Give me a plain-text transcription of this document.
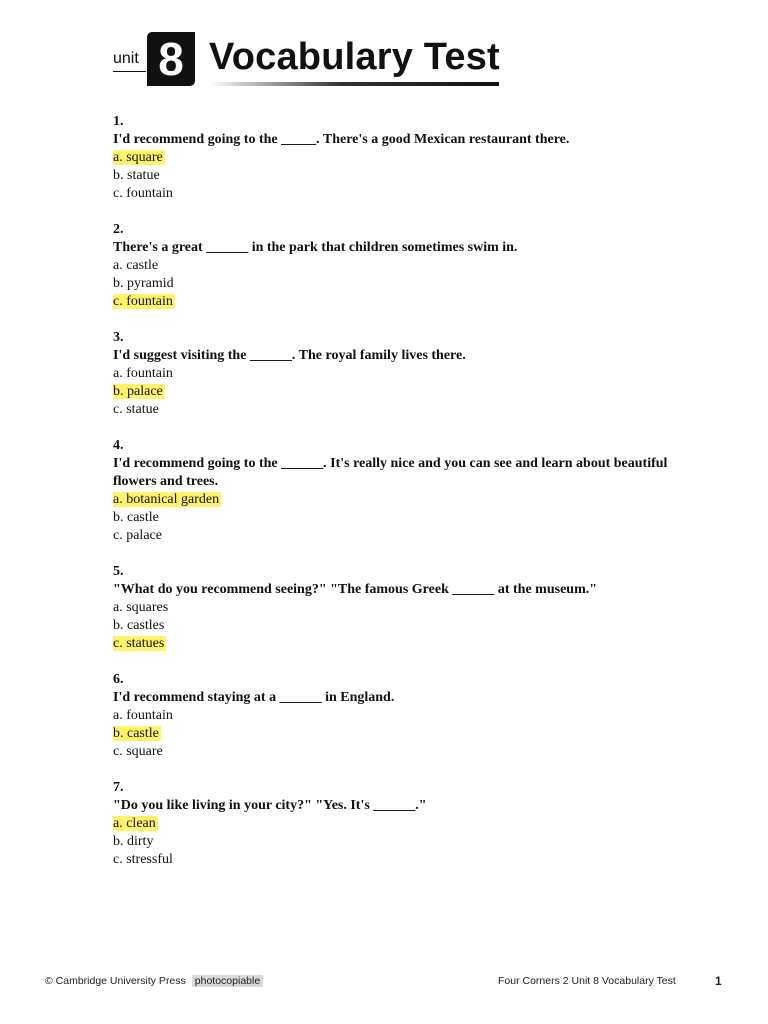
unit 8 Vocabulary Test
1.
I'd recommend going to the _____. There's a good Mexican restaurant there.
a. square
b. statue
c. fountain
2.
There's a great ______ in the park that children sometimes swim in.
a. castle
b. pyramid
c. fountain
3.
I'd suggest visiting the ______. The royal family lives there.
a. fountain
b. palace
c. statue
4.
I'd recommend going to the ______. It's really nice and you can see and learn about beautiful flowers and trees.
a. botanical garden
b. castle
c. palace
5.
"What do you recommend seeing?" "The famous Greek ______ at the museum."
a. squares
b. castles
c. statues
6.
I'd recommend staying at a ______ in England.
a. fountain
b. castle
c. square
7.
"Do you like living in your city?" "Yes. It's ______."
a. clean
b. dirty
c. stressful
© Cambridge University Press photocopiable	Four Corners 2 Unit 8 Vocabulary Test	1
